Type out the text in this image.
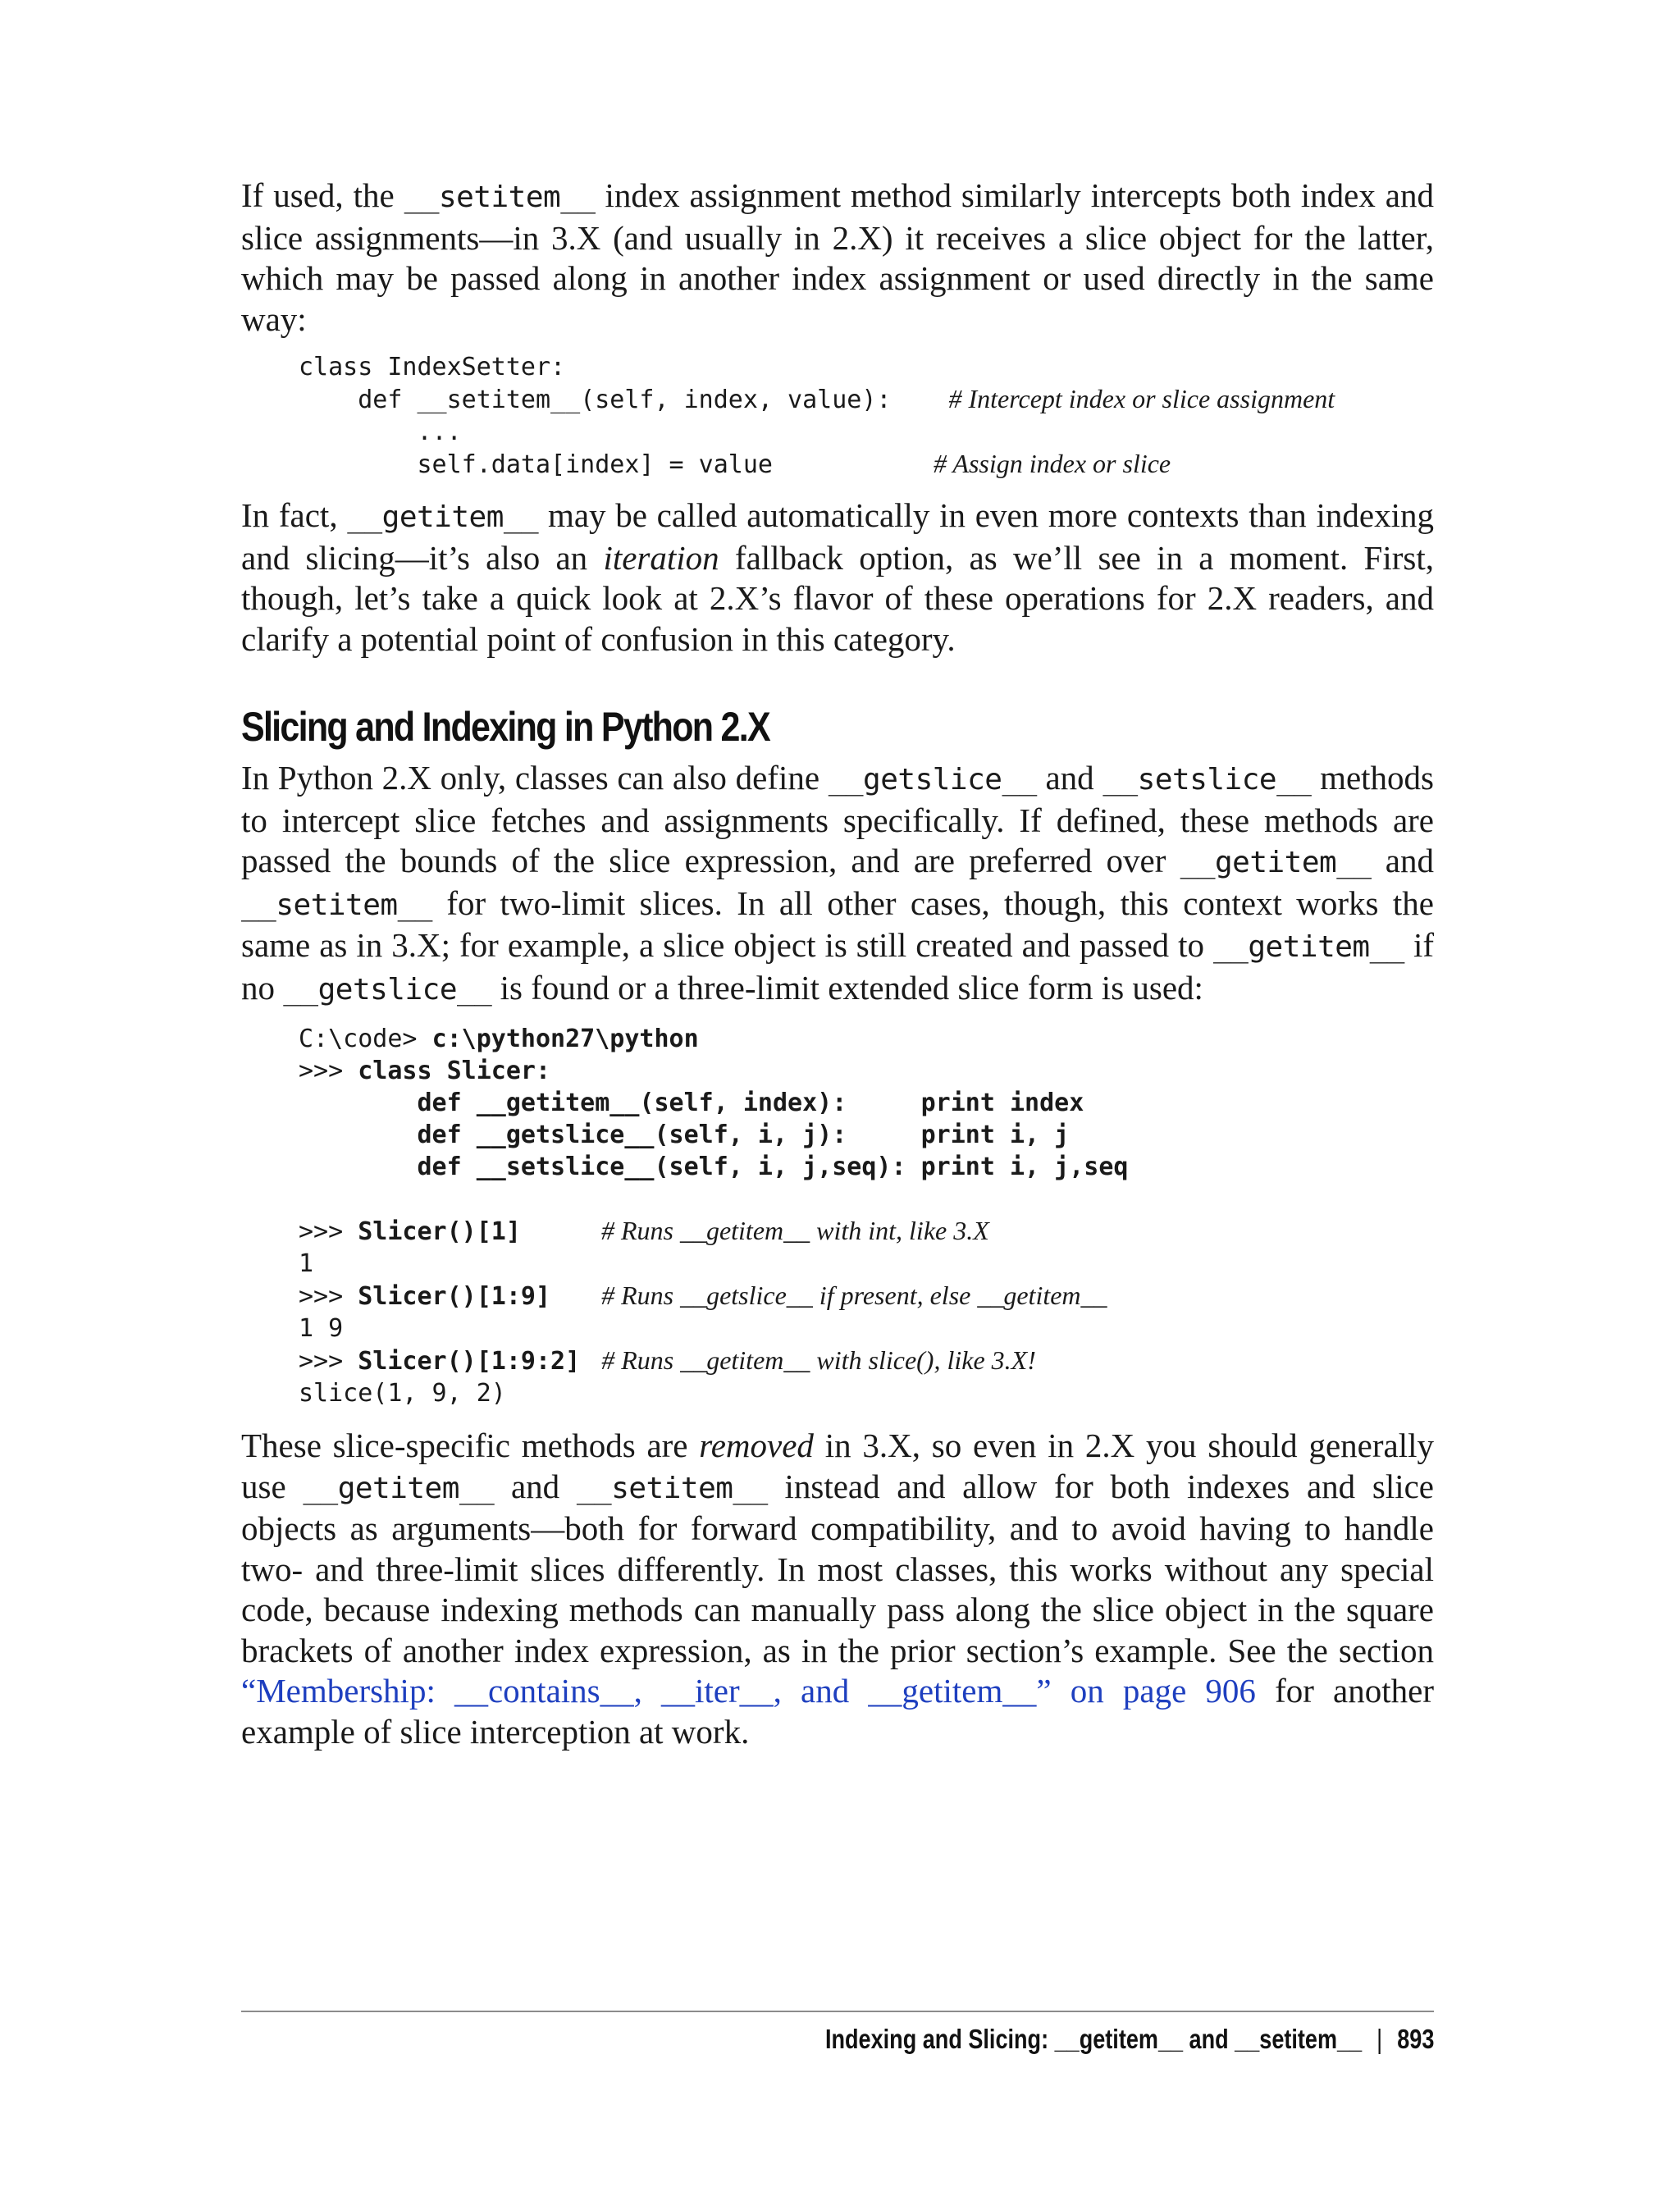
If used, the __setitem__ index assignment method similarly intercepts both index and slice assignments—in 3.X (and usually in 2.X) it receives a slice object for the latter, which may be passed along in another index assignment or used directly in the same way:

class IndexSetter:
def __setitem__(self, index, value): # Intercept index or slice assignment
...
self.data[index] = value	# Assign index or slice

In fact, __getitem__ may be called automatically in even more contexts than indexing and slicing—it’s also an iteration fallback option, as we’ll see in a moment. First, though, let’s take a quick look at 2.X’s flavor of these operations for 2.X readers, and clarify a potential point of confusion in this category.

Slicing and Indexing in Python 2.X

In Python 2.X only, classes can also define __getslice__ and __setslice__ methods to intercept slice fetches and assignments specifically. If defined, these methods are passed the bounds of the slice expression, and are preferred over __getitem__ and __setitem__ for two-limit slices. In all other cases, though, this context works the same as in 3.X; for example, a slice object is still created and passed to __getitem__ if no __getslice__ is found or a three-limit extended slice form is used:

C:\code> c:\python27\python
>>> class Slicer:
def __getitem__(self, index):     print index
def __getslice__(self, i, j):     print i, j
def __setslice__(self, i, j,seq): print i, j,seq

>>> Slicer()[1]	# Runs __getitem__ with int, like 3.X
1
>>> Slicer()[1:9] # Runs __getslice__ if present, else __getitem__
1 9
>>> Slicer()[1:9:2] # Runs __getitem__ with slice(), like 3.X!
slice(1, 9, 2)

These slice-specific methods are removed in 3.X, so even in 2.X you should generally use __getitem__ and __setitem__ instead and allow for both indexes and slice objects as arguments—both for forward compatibility, and to avoid having to handle two- and three-limit slices differently. In most classes, this works without any special code, because indexing methods can manually pass along the slice object in the square brackets of another index expression, as in the prior section’s example. See the section “Membership: __contains__, __iter__, and __getitem__” on page 906 for another example of slice interception at work.

Indexing and Slicing: __getitem__ and __setitem__ | 893
